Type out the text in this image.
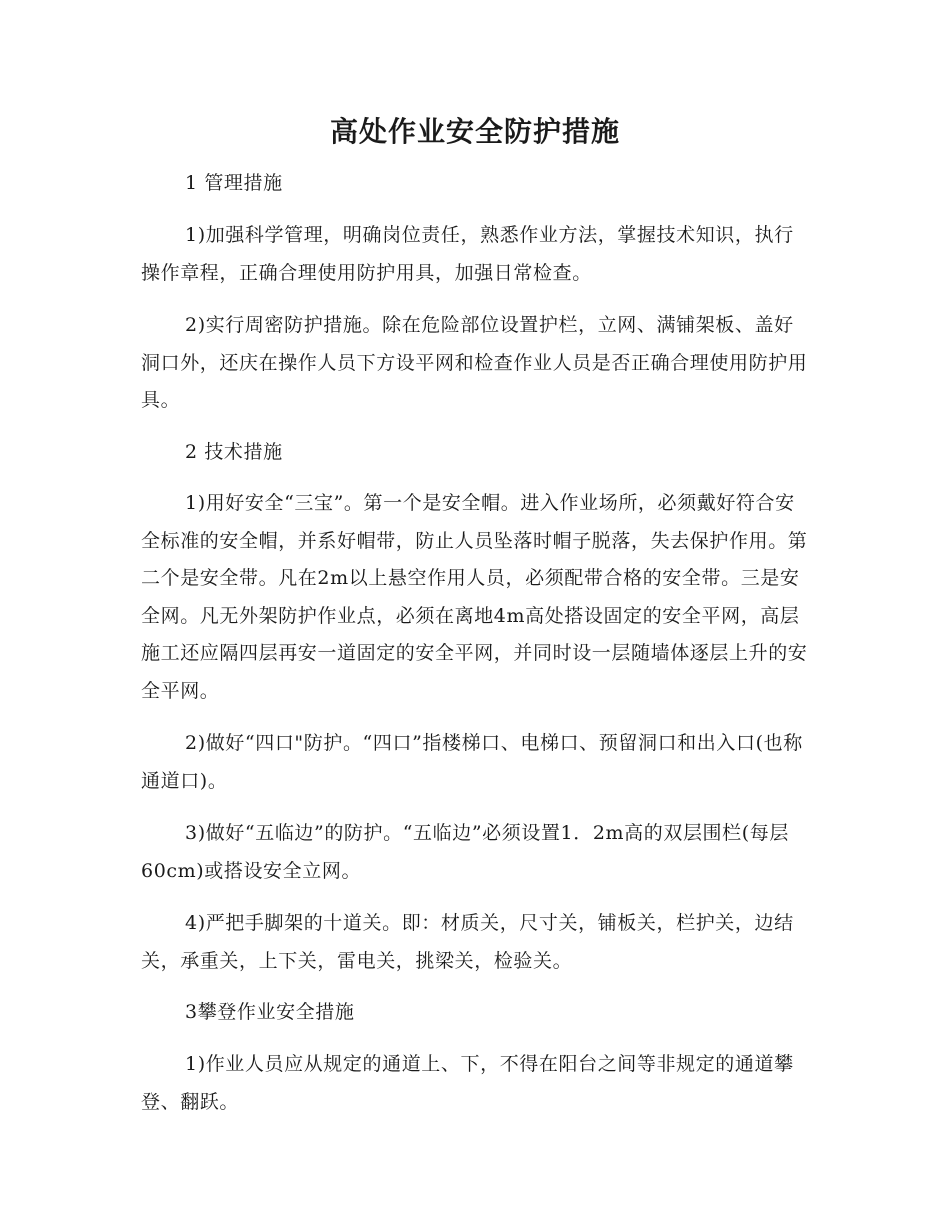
高处作业安全防护措施

1 管理措施

1)加强科学管理，明确岗位责任，熟悉作业方法，掌握技术知识，执行操作章程，正确合理使用防护用具，加强日常检查。

2)实行周密防护措施。除在危险部位设置护栏，立网、满铺架板、盖好洞口外，还庆在操作人员下方设平网和检查作业人员是否正确合理使用防护用具。

2 技术措施

1)用好安全“三宝”。第一个是安全帽。进入作业场所，必须戴好符合安全标准的安全帽，并系好帽带，防止人员坠落时帽子脱落，失去保护作用。第二个是安全带。凡在2m以上悬空作用人员，必须配带合格的安全带。三是安全网。凡无外架防护作业点，必须在离地4m高处搭设固定的安全平网，高层施工还应隔四层再安一道固定的安全平网，并同时设一层随墙体逐层上升的安全平网。

2)做好“四口"防护。“四口”指楼梯口、电梯口、预留洞口和出入口(也称通道口)。

3)做好“五临边”的防护。“五临边”必须设置1．2m高的双层围栏(每层60cm)或搭设安全立网。

4)严把手脚架的十道关。即：材质关，尺寸关，铺板关，栏护关，边结关，承重关，上下关，雷电关，挑梁关，检验关。

3攀登作业安全措施

1)作业人员应从规定的通道上、下，不得在阳台之间等非规定的通道攀登、翻跃。
